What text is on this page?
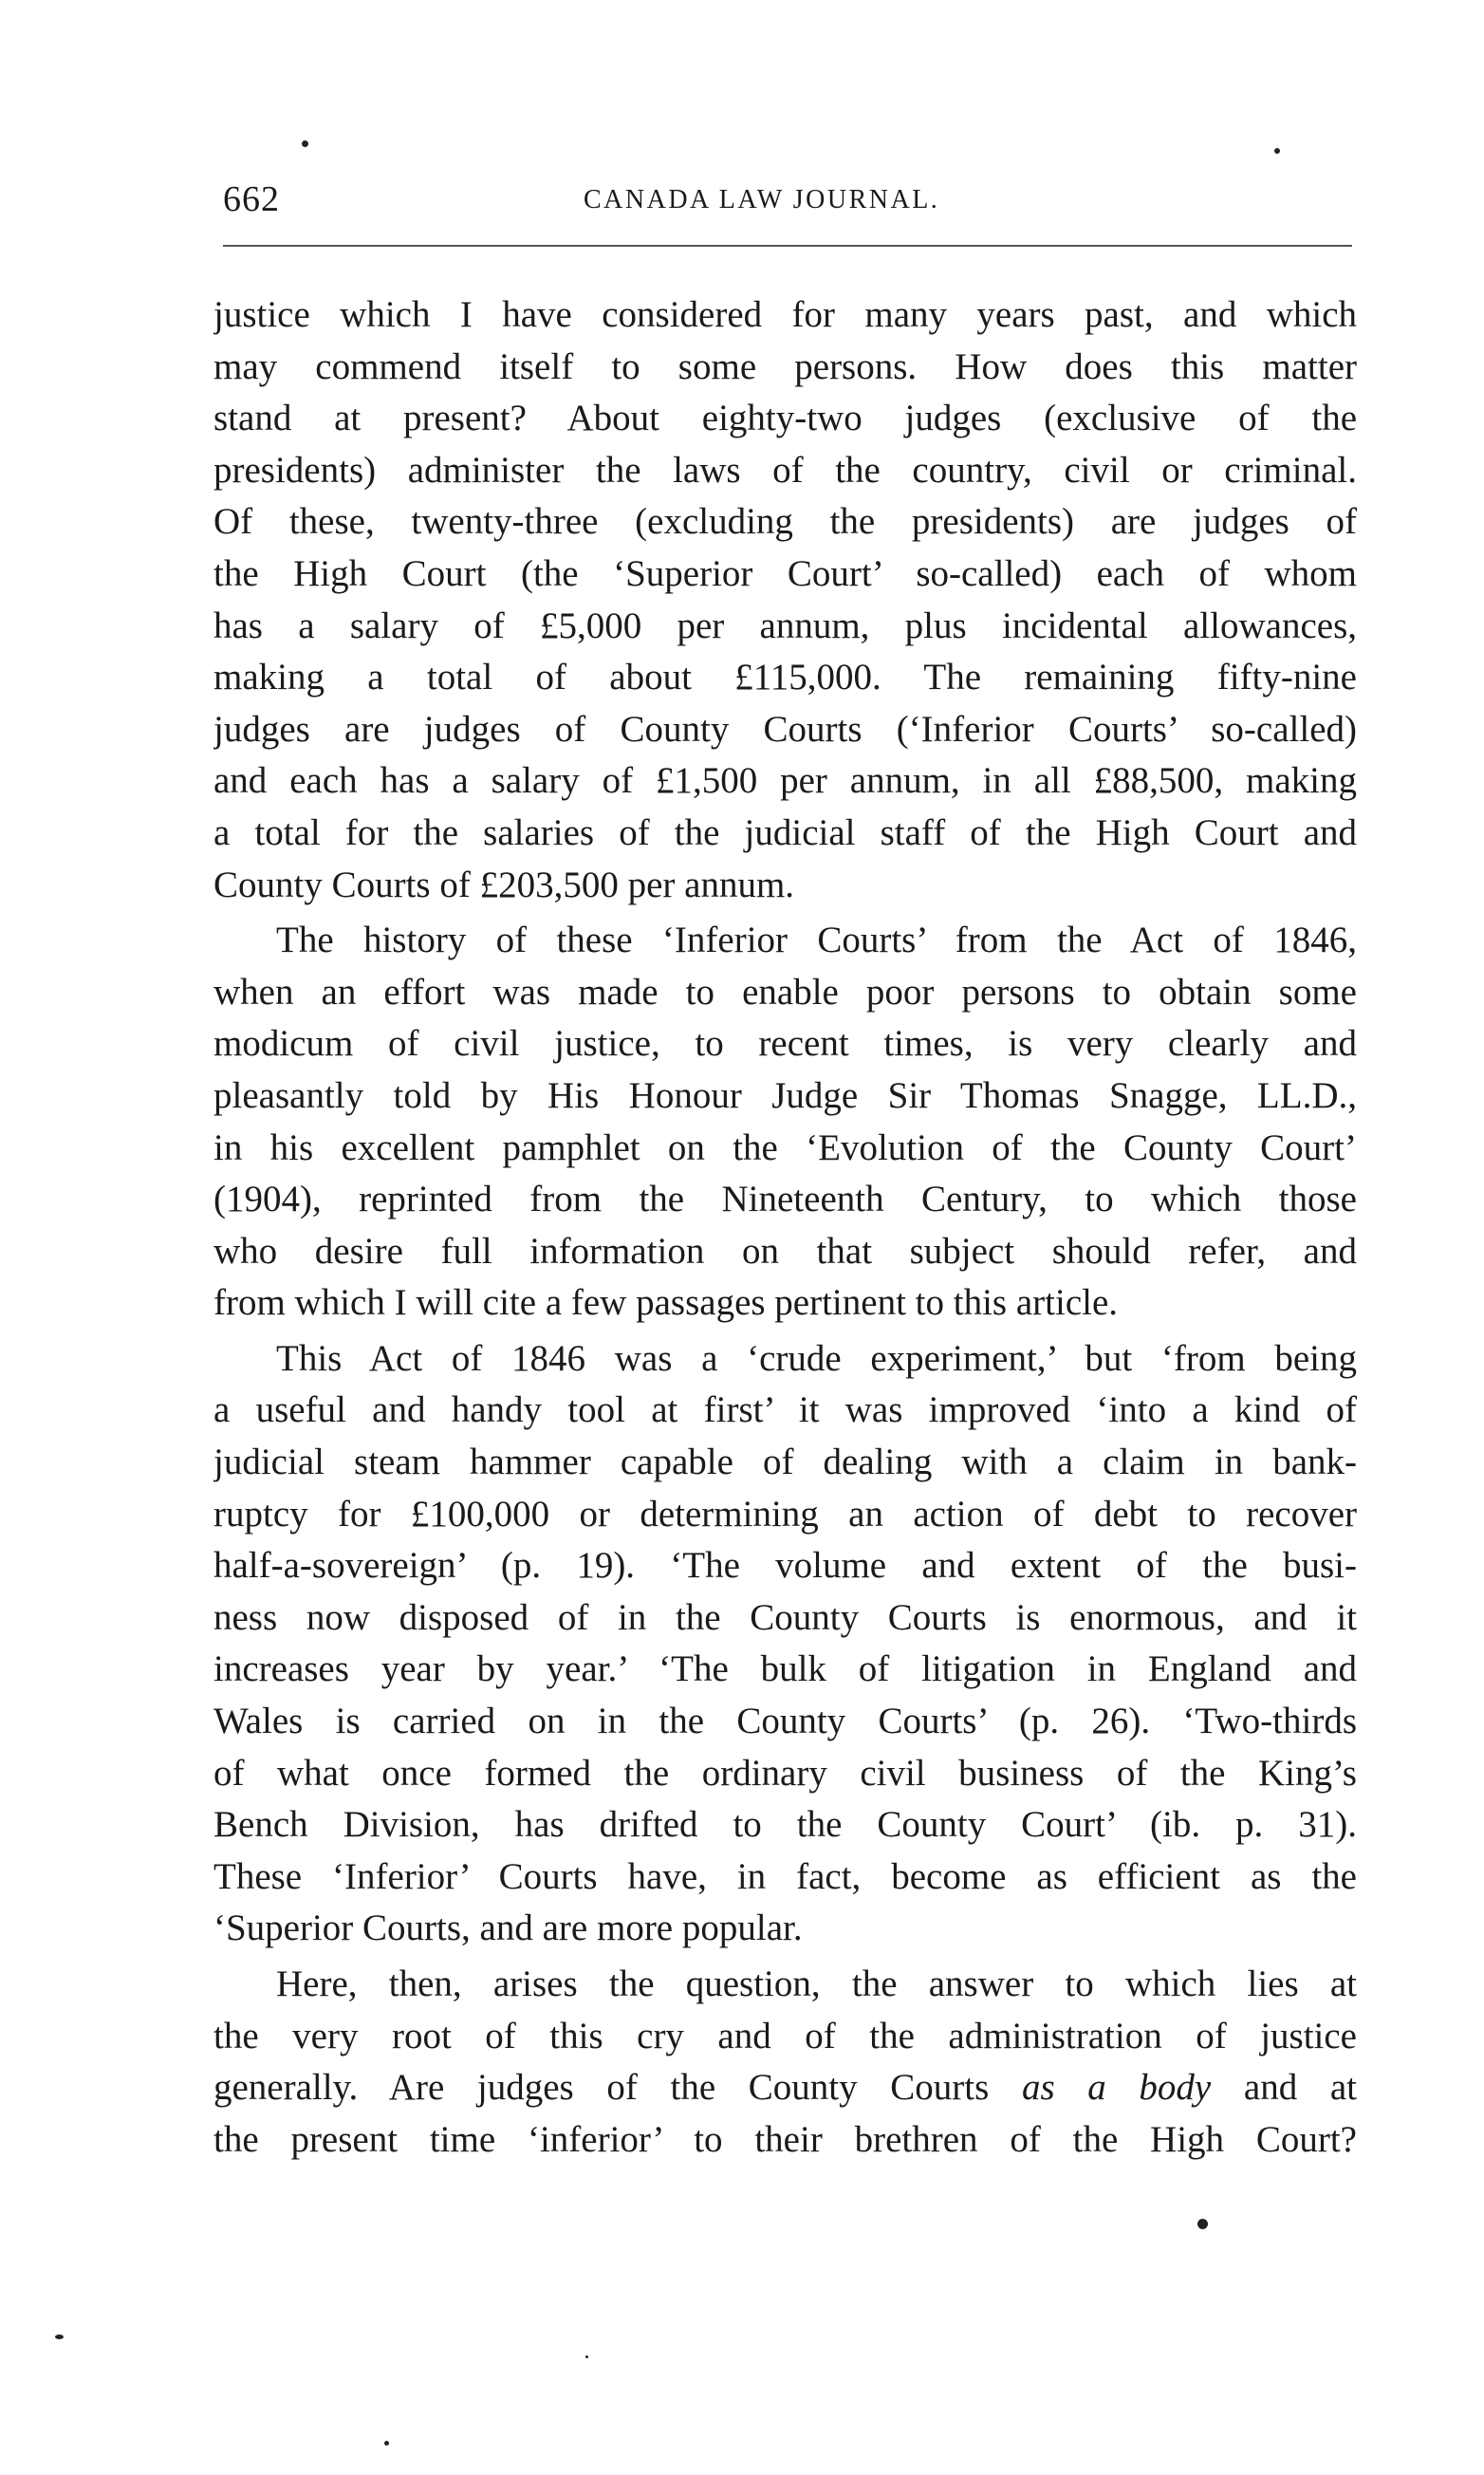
662	CANADA LAW JOURNAL.
justice which I have considered for many years past, and which
may commend itself to some persons. How does this matter
stand at present? About eighty-two judges (exclusive of the
presidents) administer the laws of the country, civil or criminal.
Of these, twenty-three (excluding the presidents) are judges of
the High Court (the ‘Superior Court’ so-called) each of whom
has a salary of £5,000 per annum, plus incidental allowances,
making a total of about £115,000. The remaining fifty-nine
judges are judges of County Courts (‘Inferior Courts’ so-called)
and each has a salary of £1,500 per annum, in all £88,500, making
a total for the salaries of the judicial staff of the High Court and
County Courts of £203,500 per annum.
The history of these ‘Inferior Courts’ from the Act of 1846,
when an effort was made to enable poor persons to obtain some
modicum of civil justice, to recent times, is very clearly and
pleasantly told by His Honour Judge Sir Thomas Snagge, LL.D.,
in his excellent pamphlet on the ‘Evolution of the County Court’
(1904), reprinted from the Nineteenth Century, to which those
who desire full information on that subject should refer, and
from which I will cite a few passages pertinent to this article.
This Act of 1846 was a ‘crude experiment,’ but ‘from being
a useful and handy tool at first’ it was improved ‘into a kind of
judicial steam hammer capable of dealing with a claim in bank-
ruptcy for £100,000 or determining an action of debt to recover
half-a-sovereign’ (p. 19). ‘The volume and extent of the busi-
ness now disposed of in the County Courts is enormous, and it
increases year by year.’ ‘The bulk of litigation in England and
Wales is carried on in the County Courts’ (p. 26). ‘Two-thirds
of what once formed the ordinary civil business of the King’s
Bench Division, has drifted to the County Court’ (ib. p. 31).
These ‘Inferior’ Courts have, in fact, become as efficient as the
‘Superior Courts, and are more popular.
Here, then, arises the question, the answer to which lies at
the very root of this cry and of the administration of justice
generally. Are judges of the County Courts as a body and at
the present time ‘inferior’ to their brethren of the High Court?
